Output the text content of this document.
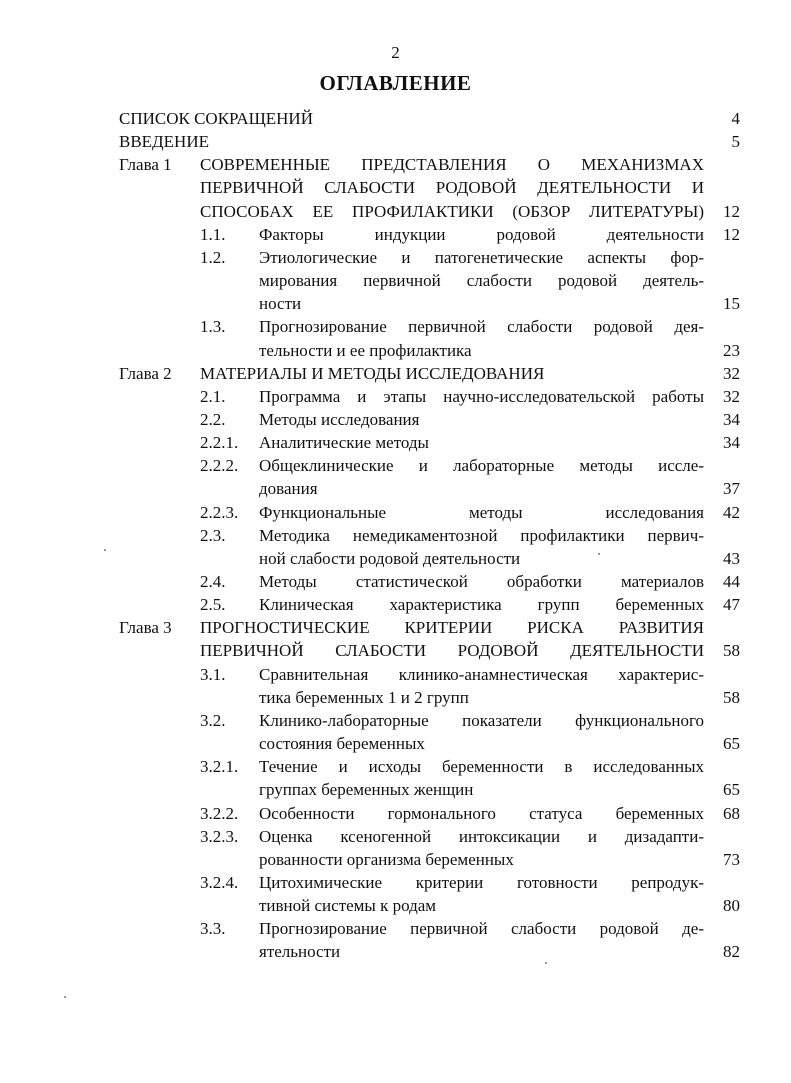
2
ОГЛАВЛЕНИЕ
СПИСОК СОКРАЩЕНИЙ	4
ВВЕДЕНИЕ	5
Глава 1 СОВРЕМЕННЫЕ ПРЕДСТАВЛЕНИЯ О МЕХАНИЗМАХ
ПЕРВИЧНОЙ СЛАБОСТИ РОДОВОЙ ДЕЯТЕЛЬНОСТИ И
СПОСОБАХ ЕЕ ПРОФИЛАКТИКИ (ОБЗОР ЛИТЕРАТУРЫ)	12
1.1. Факторы индукции родовой деятельности	12
1.2. Этиологические и патогенетические аспекты фор-
мирования первичной слабости родовой деятель-
ности	15
1.3. Прогнозирование первичной слабости родовой дея-
тельности и ее профилактика	23
Глава 2 МАТЕРИАЛЫ И МЕТОДЫ ИССЛЕДОВАНИЯ	32
2.1. Программа и этапы научно-исследовательской работы	32
2.2. Методы исследования	34
2.2.1. Аналитические методы	34
2.2.2. Общеклинические и лабораторные методы иссле-
дования	37
2.2.3. Функциональные методы исследования	42
2.3. Методика немедикаментозной профилактики первич-
ной слабости родовой деятельности	43
2.4. Методы статистической обработки материалов	44
2.5. Клиническая характеристика групп беременных	47
Глава 3 ПРОГНОСТИЧЕСКИЕ КРИТЕРИИ РИСКА РАЗВИТИЯ
ПЕРВИЧНОЙ СЛАБОСТИ РОДОВОЙ ДЕЯТЕЛЬНОСТИ	58
3.1. Сравнительная клинико-анамнестическая характерис-
тика беременных 1 и 2 групп	58
3.2. Клинико-лабораторные показатели функционального
состояния беременных	65
3.2.1. Течение и исходы беременности в исследованных
группах беременных женщин	65
3.2.2. Особенности гормонального статуса беременных	68
3.2.3. Оценка ксеногенной интоксикации и дизадапти-
рованности организма беременных	73
3.2.4. Цитохимические критерии готовности репродук-
тивной системы к родам	80
3.3. Прогнозирование первичной слабости родовой де-
ятельности	82
